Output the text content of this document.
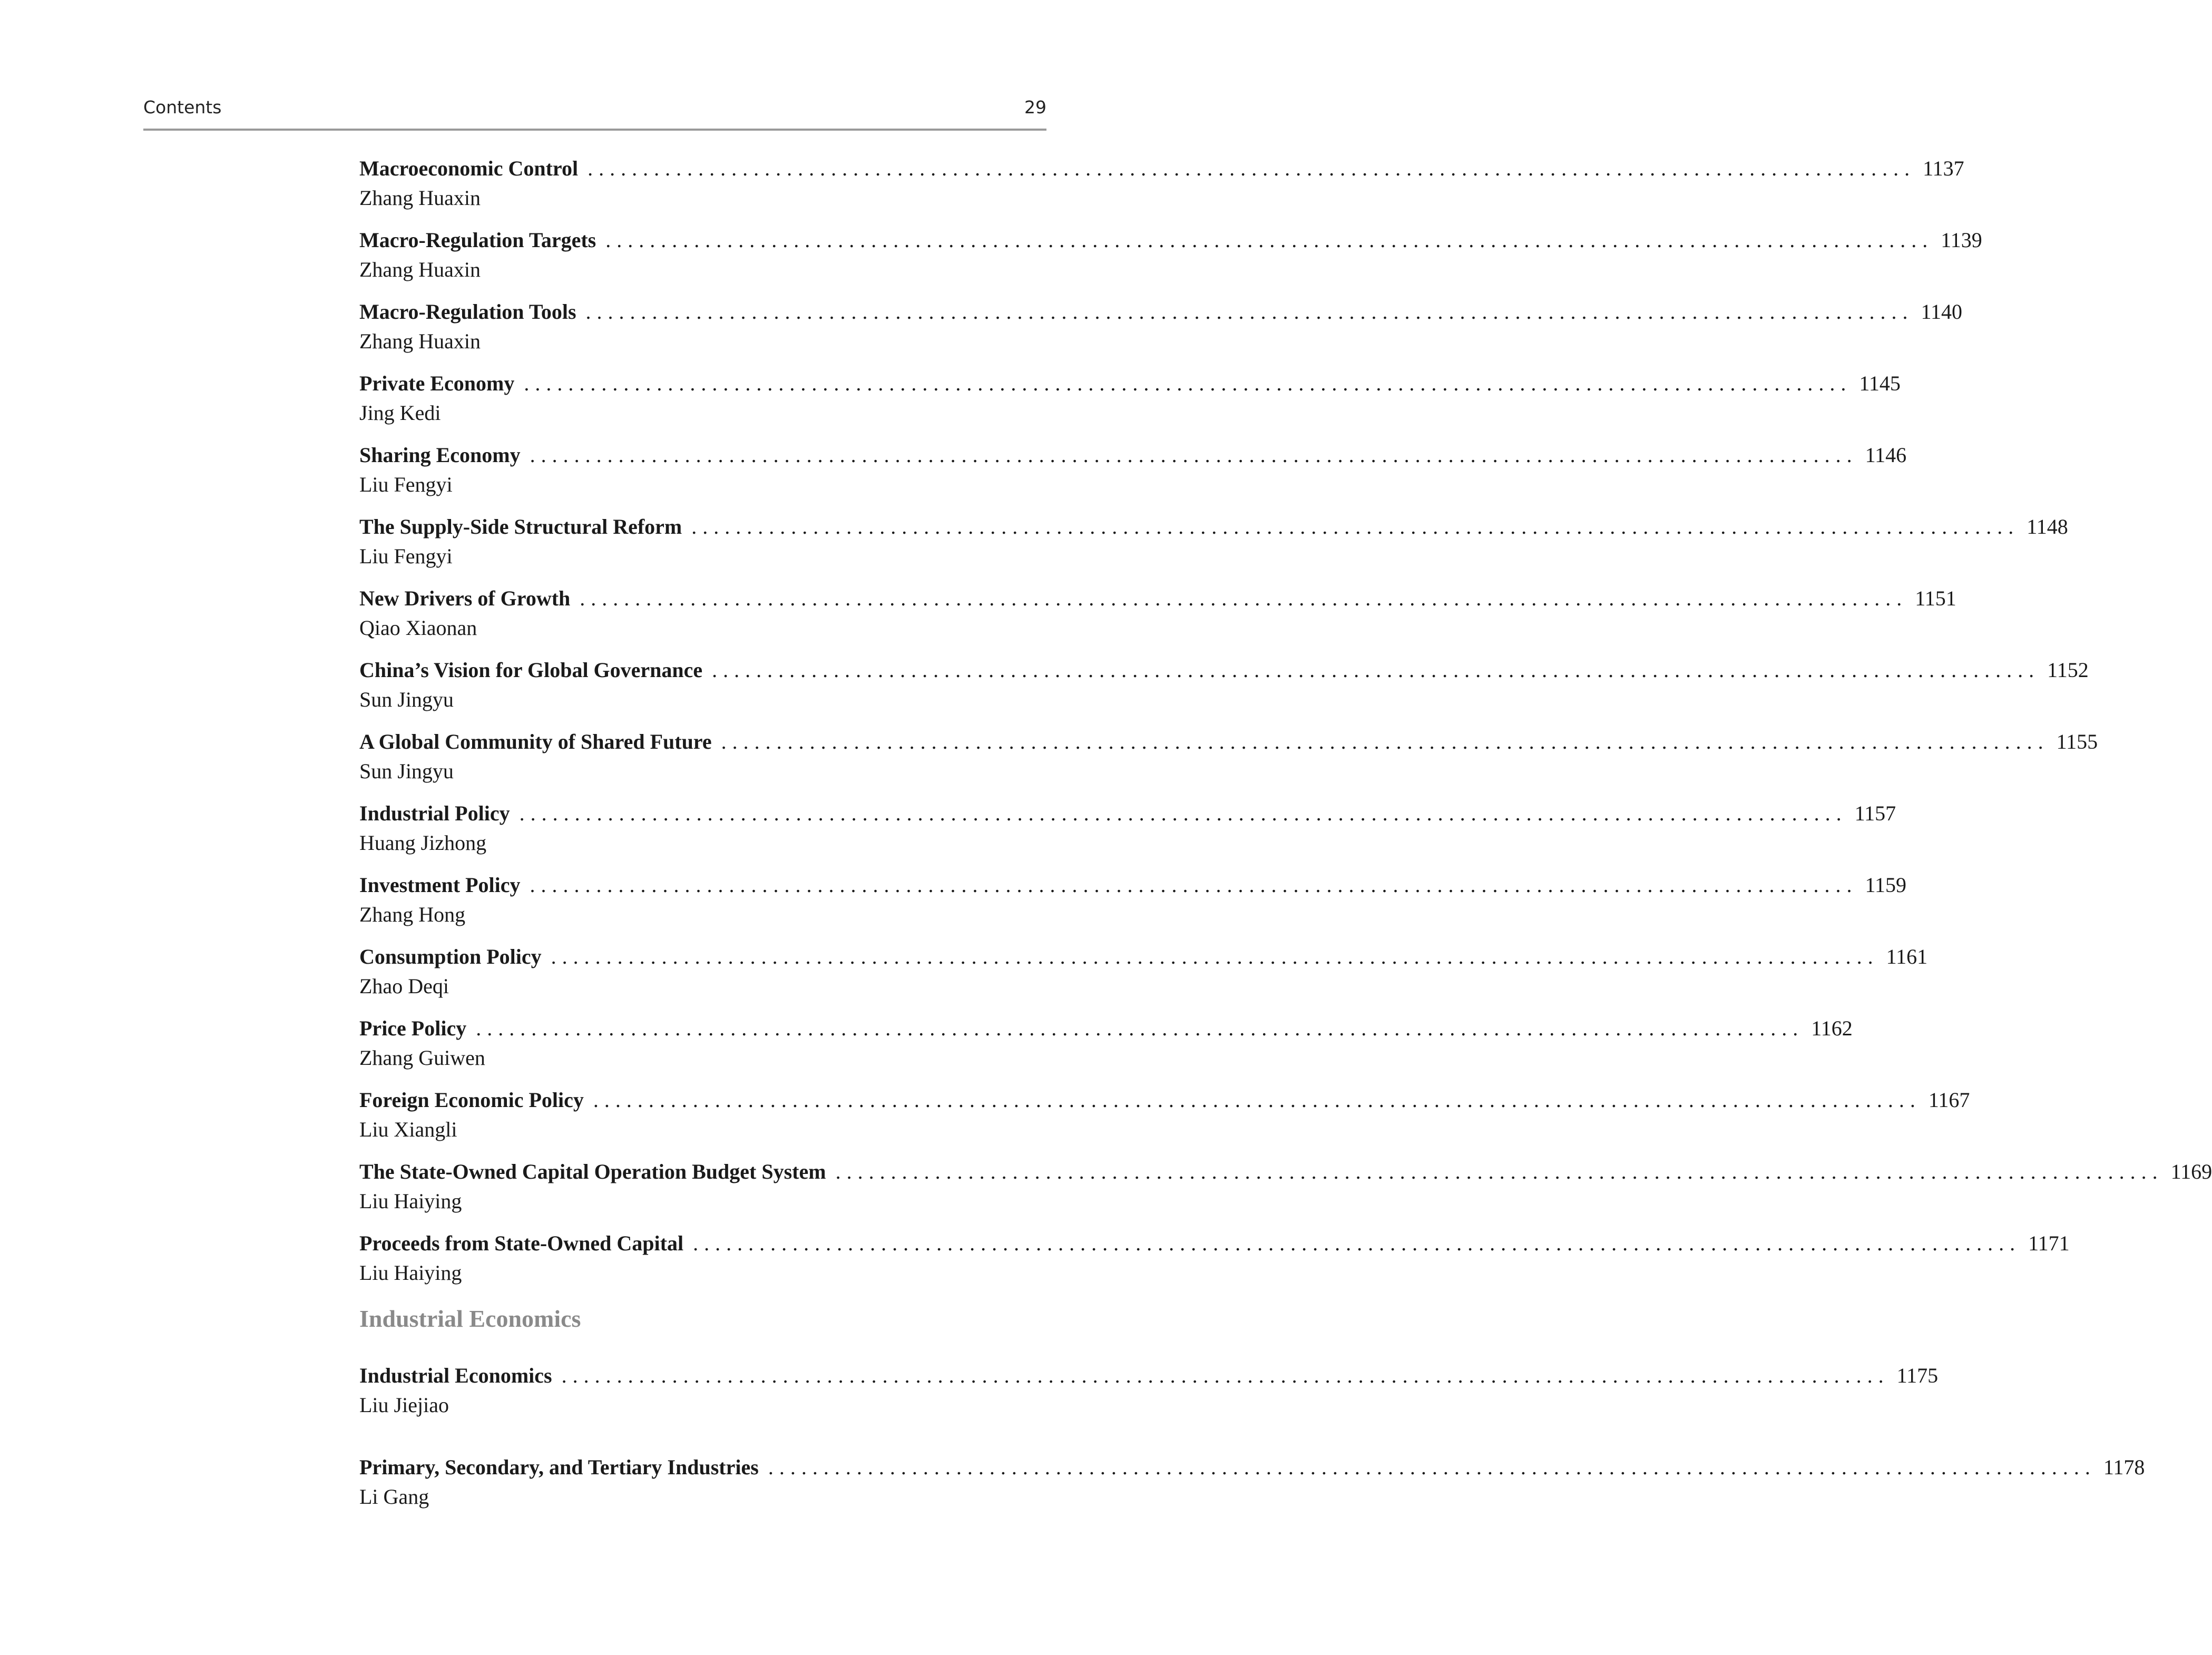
Contents	29
Macroeconomic Control ........................................................................................................................ 1137
Zhang Huaxin
Macro-Regulation Targets ........................................................................................................................ 1139
Zhang Huaxin
Macro-Regulation Tools ........................................................................................................................ 1140
Zhang Huaxin
Private Economy ........................................................................................................................ 1145
Jing Kedi
Sharing Economy ........................................................................................................................ 1146
Liu Fengyi
The Supply-Side Structural Reform ........................................................................................................................ 1148
Liu Fengyi
New Drivers of Growth ........................................................................................................................ 1151
Qiao Xiaonan
China’s Vision for Global Governance ........................................................................................................................ 1152
Sun Jingyu
A Global Community of Shared Future ........................................................................................................................ 1155
Sun Jingyu
Industrial Policy ........................................................................................................................ 1157
Huang Jizhong
Investment Policy ........................................................................................................................ 1159
Zhang Hong
Consumption Policy ........................................................................................................................ 1161
Zhao Deqi
Price Policy ........................................................................................................................ 1162
Zhang Guiwen
Foreign Economic Policy ........................................................................................................................ 1167
Liu Xiangli
The State-Owned Capital Operation Budget System ........................................................................................................................ 1169
Liu Haiying
Proceeds from State-Owned Capital ........................................................................................................................ 1171
Liu Haiying
Industrial Economics
Industrial Economics ........................................................................................................................ 1175
Liu Jiejiao
Primary, Secondary, and Tertiary Industries ........................................................................................................................ 1178
Li Gang
